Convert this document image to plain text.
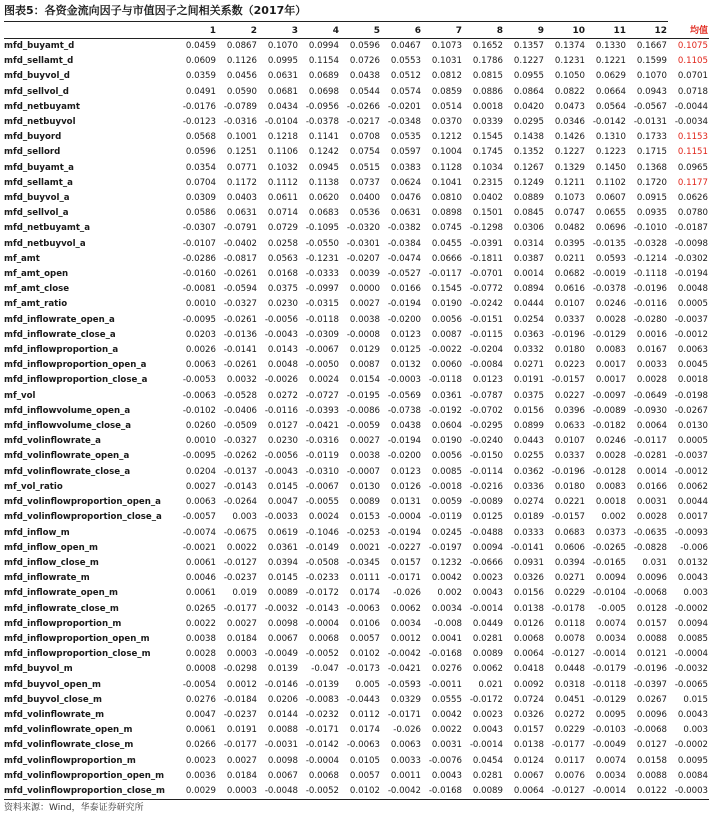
图表5：各资金流向因子与市值因子之间相关系数（2017年）
	1	2	3	4	5	6	7	8	9	10	11	12	均值
mfd_buyamt_d	0.0459	0.0867	0.1070	0.0994	0.0596	0.0467	0.1073	0.1652	0.1357	0.1374	0.1330	0.1667	0.1075
mfd_sellamt_d	0.0609	0.1126	0.0995	0.1154	0.0726	0.0553	0.1031	0.1786	0.1227	0.1231	0.1221	0.1599	0.1105
mfd_buyvol_d	0.0359	0.0456	0.0631	0.0689	0.0438	0.0512	0.0812	0.0815	0.0955	0.1050	0.0629	0.1070	0.0701
mfd_sellvol_d	0.0491	0.0590	0.0681	0.0698	0.0544	0.0574	0.0859	0.0886	0.0864	0.0822	0.0664	0.0943	0.0718
mfd_netbuyamt	-0.0176	-0.0789	0.0434	-0.0956	-0.0266	-0.0201	0.0514	0.0018	0.0420	0.0473	0.0564	-0.0567	-0.0044
mfd_netbuyvol	-0.0123	-0.0316	-0.0104	-0.0378	-0.0217	-0.0348	0.0370	0.0339	0.0295	0.0346	-0.0142	-0.0131	-0.0034
mfd_buyord	0.0568	0.1001	0.1218	0.1141	0.0708	0.0535	0.1212	0.1545	0.1438	0.1426	0.1310	0.1733	0.1153
mfd_sellord	0.0596	0.1251	0.1106	0.1242	0.0754	0.0597	0.1004	0.1745	0.1352	0.1227	0.1223	0.1715	0.1151
mfd_buyamt_a	0.0354	0.0771	0.1032	0.0945	0.0515	0.0383	0.1128	0.1034	0.1267	0.1329	0.1450	0.1368	0.0965
mfd_sellamt_a	0.0704	0.1172	0.1112	0.1138	0.0737	0.0624	0.1041	0.2315	0.1249	0.1211	0.1102	0.1720	0.1177
mfd_buyvol_a	0.0309	0.0403	0.0611	0.0620	0.0400	0.0476	0.0810	0.0402	0.0889	0.1073	0.0607	0.0915	0.0626
mfd_sellvol_a	0.0586	0.0631	0.0714	0.0683	0.0536	0.0631	0.0898	0.1501	0.0845	0.0747	0.0655	0.0935	0.0780
mfd_netbuyamt_a	-0.0307	-0.0791	0.0729	-0.1095	-0.0320	-0.0382	0.0745	-0.1298	0.0306	0.0482	0.0696	-0.1010	-0.0187
mfd_netbuyvol_a	-0.0107	-0.0402	0.0258	-0.0550	-0.0301	-0.0384	0.0455	-0.0391	0.0314	0.0395	-0.0135	-0.0328	-0.0098
mf_amt	-0.0286	-0.0817	0.0563	-0.1231	-0.0207	-0.0474	0.0666	-0.1811	0.0387	0.0211	0.0593	-0.1214	-0.0302
mf_amt_open	-0.0160	-0.0261	0.0168	-0.0333	0.0039	-0.0527	-0.0117	-0.0701	0.0014	0.0682	-0.0019	-0.1118	-0.0194
mf_amt_close	-0.0081	-0.0594	0.0375	-0.0997	0.0000	0.0166	0.1545	-0.0772	0.0894	0.0616	-0.0378	-0.0196	0.0048
mf_amt_ratio	0.0010	-0.0327	0.0230	-0.0315	0.0027	-0.0194	0.0190	-0.0242	0.0444	0.0107	0.0246	-0.0116	0.0005
mfd_inflowrate_open_a	-0.0095	-0.0261	-0.0056	-0.0118	0.0038	-0.0200	0.0056	-0.0151	0.0254	0.0337	0.0028	-0.0280	-0.0037
mfd_inflowrate_close_a	0.0203	-0.0136	-0.0043	-0.0309	-0.0008	0.0123	0.0087	-0.0115	0.0363	-0.0196	-0.0129	0.0016	-0.0012
mfd_inflowproportion_a	0.0026	-0.0141	0.0143	-0.0067	0.0129	0.0125	-0.0022	-0.0204	0.0332	0.0180	0.0083	0.0167	0.0063
mfd_inflowproportion_open_a	0.0063	-0.0261	0.0048	-0.0050	0.0087	0.0132	0.0060	-0.0084	0.0271	0.0223	0.0017	0.0033	0.0045
mfd_inflowproportion_close_a	-0.0053	0.0032	-0.0026	0.0024	0.0154	-0.0003	-0.0118	0.0123	0.0191	-0.0157	0.0017	0.0028	0.0018
mf_vol	-0.0063	-0.0528	0.0272	-0.0727	-0.0195	-0.0569	0.0361	-0.0787	0.0375	0.0227	-0.0097	-0.0649	-0.0198
mfd_inflowvolume_open_a	-0.0102	-0.0406	-0.0116	-0.0393	-0.0086	-0.0738	-0.0192	-0.0702	0.0156	0.0396	-0.0089	-0.0930	-0.0267
mfd_inflowvolume_close_a	0.0260	-0.0509	0.0127	-0.0421	-0.0059	0.0438	0.0604	-0.0295	0.0899	0.0633	-0.0182	0.0064	0.0130
mfd_volinflowrate_a	0.0010	-0.0327	0.0230	-0.0316	0.0027	-0.0194	0.0190	-0.0240	0.0443	0.0107	0.0246	-0.0117	0.0005
mfd_volinflowrate_open_a	-0.0095	-0.0262	-0.0056	-0.0119	0.0038	-0.0200	0.0056	-0.0150	0.0255	0.0337	0.0028	-0.0281	-0.0037
mfd_volinflowrate_close_a	0.0204	-0.0137	-0.0043	-0.0310	-0.0007	0.0123	0.0085	-0.0114	0.0362	-0.0196	-0.0128	0.0014	-0.0012
mf_vol_ratio	0.0027	-0.0143	0.0145	-0.0067	0.0130	0.0126	-0.0018	-0.0216	0.0336	0.0180	0.0083	0.0166	0.0062
mfd_volinflowproportion_open_a	0.0063	-0.0264	0.0047	-0.0055	0.0089	0.0131	0.0059	-0.0089	0.0274	0.0221	0.0018	0.0031	0.0044
mfd_volinflowproportion_close_a	-0.0057	0.003	-0.0033	0.0024	0.0153	-0.0004	-0.0119	0.0125	0.0189	-0.0157	0.002	0.0028	0.0017
mfd_inflow_m	-0.0074	-0.0675	0.0619	-0.1046	-0.0253	-0.0194	0.0245	-0.0488	0.0333	0.0683	0.0373	-0.0635	-0.0093
mfd_inflow_open_m	-0.0021	0.0022	0.0361	-0.0149	0.0021	-0.0227	-0.0197	0.0094	-0.0141	0.0606	-0.0265	-0.0828	-0.006
mfd_inflow_close_m	0.0061	-0.0127	0.0394	-0.0508	-0.0345	0.0157	0.1232	-0.0666	0.0931	0.0394	-0.0165	0.031	0.0132
mfd_inflowrate_m	0.0046	-0.0237	0.0145	-0.0233	0.0111	-0.0171	0.0042	0.0023	0.0326	0.0271	0.0094	0.0096	0.0043
mfd_inflowrate_open_m	0.0061	0.019	0.0089	-0.0172	0.0174	-0.026	0.002	0.0043	0.0156	0.0229	-0.0104	-0.0068	0.003
mfd_inflowrate_close_m	0.0265	-0.0177	-0.0032	-0.0143	-0.0063	0.0062	0.0034	-0.0014	0.0138	-0.0178	-0.005	0.0128	-0.0002
mfd_inflowproportion_m	0.0022	0.0027	0.0098	-0.0004	0.0106	0.0034	-0.008	0.0449	0.0126	0.0118	0.0074	0.0157	0.0094
mfd_inflowproportion_open_m	0.0038	0.0184	0.0067	0.0068	0.0057	0.0012	0.0041	0.0281	0.0068	0.0078	0.0034	0.0088	0.0085
mfd_inflowproportion_close_m	0.0028	0.0003	-0.0049	-0.0052	0.0102	-0.0042	-0.0168	0.0089	0.0064	-0.0127	-0.0014	0.0121	-0.0004
mfd_buyvol_m	0.0008	-0.0298	0.0139	-0.047	-0.0173	-0.0421	0.0276	0.0062	0.0418	0.0448	-0.0179	-0.0196	-0.0032
mfd_buyvol_open_m	-0.0054	0.0012	-0.0146	-0.0139	0.005	-0.0593	-0.0011	0.021	0.0092	0.0318	-0.0118	-0.0397	-0.0065
mfd_buyvol_close_m	0.0276	-0.0184	0.0206	-0.0083	-0.0443	0.0329	0.0555	-0.0172	0.0724	0.0451	-0.0129	0.0267	0.015
mfd_volinflowrate_m	0.0047	-0.0237	0.0144	-0.0232	0.0112	-0.0171	0.0042	0.0023	0.0326	0.0272	0.0095	0.0096	0.0043
mfd_volinflowrate_open_m	0.0061	0.0191	0.0088	-0.0171	0.0174	-0.026	0.0022	0.0043	0.0157	0.0229	-0.0103	-0.0068	0.003
mfd_volinflowrate_close_m	0.0266	-0.0177	-0.0031	-0.0142	-0.0063	0.0063	0.0031	-0.0014	0.0138	-0.0177	-0.0049	0.0127	-0.0002
mfd_volinflowproportion_m	0.0023	0.0027	0.0098	-0.0004	0.0105	0.0033	-0.0076	0.0454	0.0124	0.0117	0.0074	0.0158	0.0095
mfd_volinflowproportion_open_m	0.0036	0.0184	0.0067	0.0068	0.0057	0.0011	0.0043	0.0281	0.0067	0.0076	0.0034	0.0088	0.0084
mfd_volinflowproportion_close_m	0.0029	0.0003	-0.0048	-0.0052	0.0102	-0.0042	-0.0168	0.0089	0.0064	-0.0127	-0.0014	0.0122	-0.0003
资料来源：Wind，华泰证券研究所
